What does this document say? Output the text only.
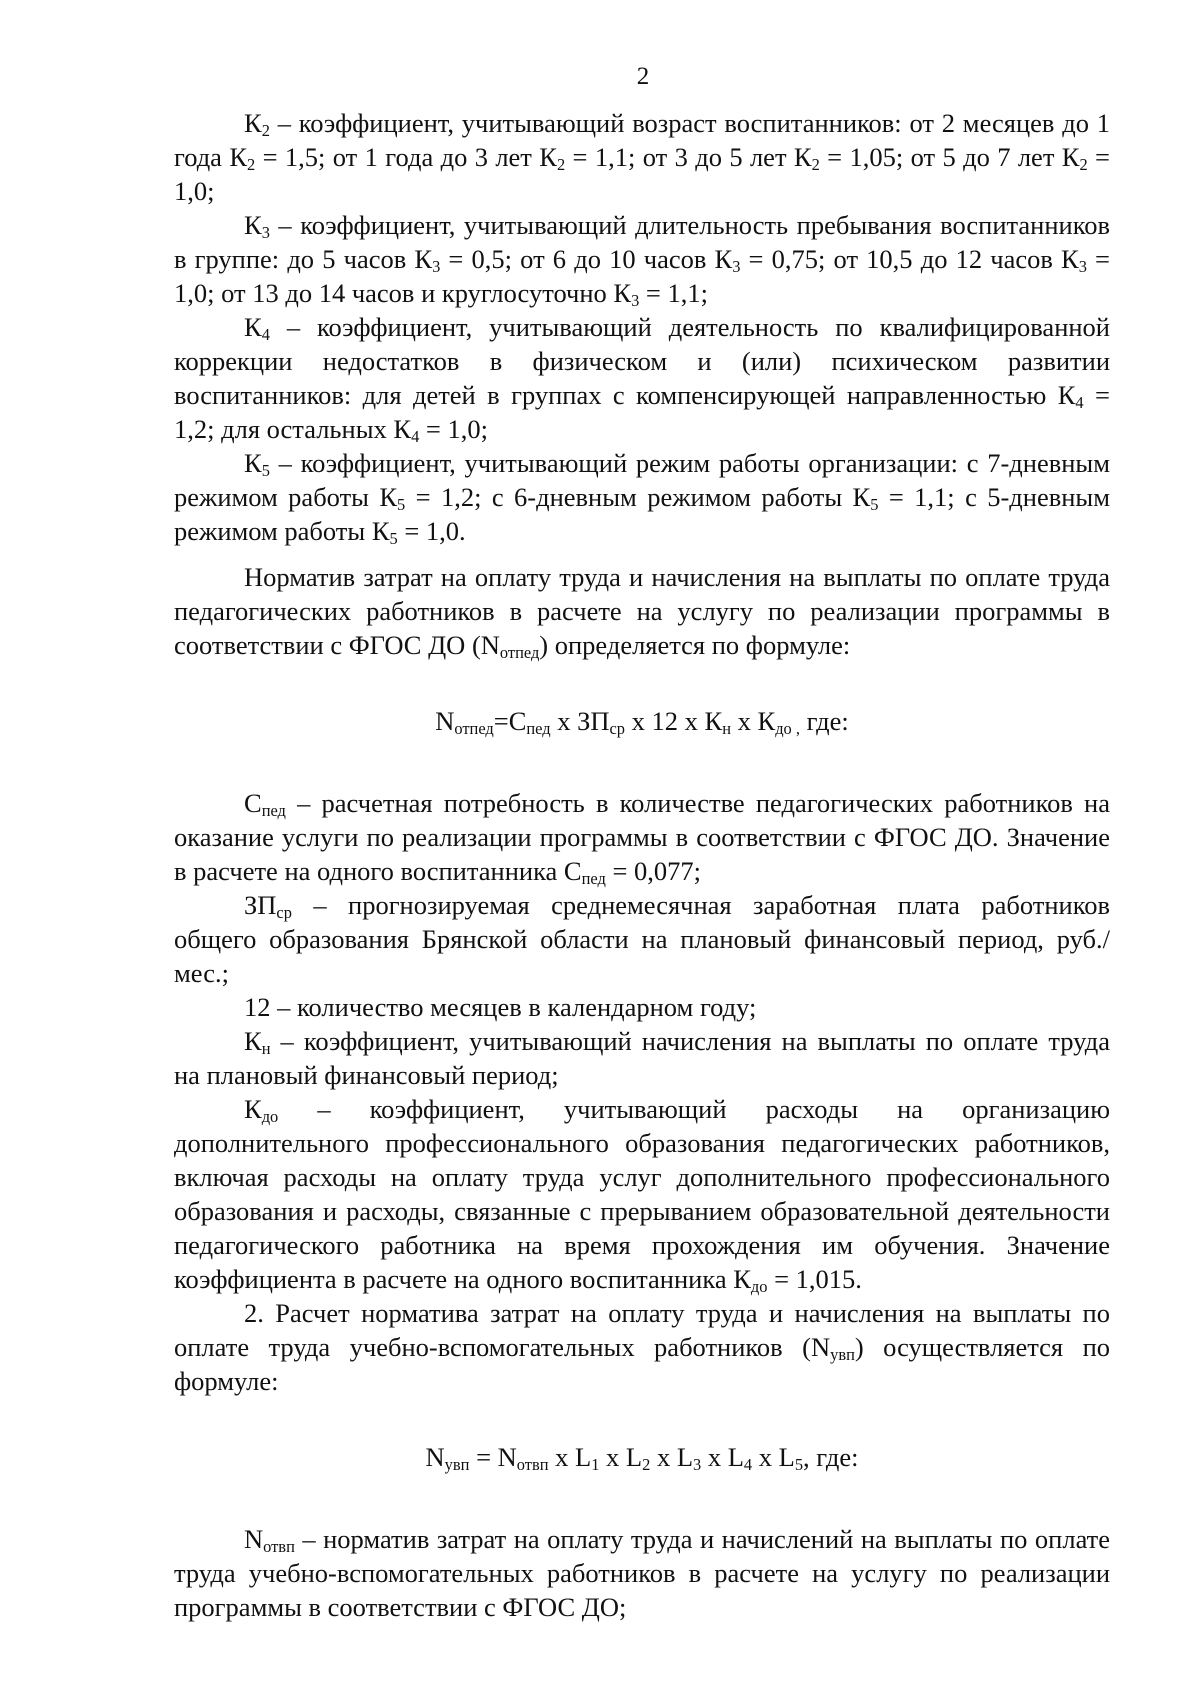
2

$К_2$ – коэффициент, учитывающий возраст воспитанников: от 2 месяцев до 1 года $К_2 = 1,5$; от 1 года до 3 лет $К_2 = 1,1$; от 3 до 5 лет $К_2 = 1,05$; от 5 до 7 лет $К_2 = 1,0$;

$К_3$ – коэффициент, учитывающий длительность пребывания воспитанников в группе: до 5 часов $К_3 = 0,5$; от 6 до 10 часов $К_3 = 0,75$; от 10,5 до 12 часов $К_3 = 1,0$; от 13 до 14 часов и круглосуточно $К_3 = 1,1$;

$К_4$ – коэффициент, учитывающий деятельность по квалифицированной коррекции недостатков в физическом и (или) психическом развитии воспитанников: для детей в группах с компенсирующей направленностью $К_4 = 1,2$; для остальных $К_4 = 1,0$;

$К_5$ – коэффициент, учитывающий режим работы организации: с 7-дневным режимом работы $К_5 = 1,2$; с 6-дневным режимом работы $К_5 = 1,1$; с 5-дневным режимом работы $К_5 = 1,0$.

Норматив затрат на оплату труда и начисления на выплаты по оплате труда педагогических работников в расчете на услугу по реализации программы в соответствии с ФГОС ДО $(N_{отпед})$ определяется по формуле:

$N_{отпед}=С_{пед}$ х $ЗП_{ср}$ х 12 х $К_н$ х $К_{до ,}$ где:

$С_{пед}$ – расчетная потребность в количестве педагогических работников на оказание услуги по реализации программы в соответствии с ФГОС ДО. Значение в расчете на одного воспитанника $С_{пед} = 0,077$;

$ЗП_{ср}$ – прогнозируемая среднемесячная заработная плата работников общего образования Брянской области на плановый финансовый период, руб./мес.;

12 – количество месяцев в календарном году;

$К_н$ – коэффициент, учитывающий начисления на выплаты по оплате труда на плановый финансовый период;

$К_{до}$ – коэффициент, учитывающий расходы на организацию дополнительного профессионального образования педагогических работников, включая расходы на оплату труда услуг дополнительного профессионального образования и расходы, связанные с прерыванием образовательной деятельности педагогического работника на время прохождения им обучения. Значение коэффициента в расчете на одного воспитанника $К_{до} = 1,015$.

2. Расчет норматива затрат на оплату труда и начисления на выплаты по оплате труда учебно-вспомогательных работников $(N_{увп})$ осуществляется по формуле:

$N_{увп} = N_{отвп}$ х $L_1$ х $L_2$ х $L_3$ х $L_4$ х $L_5$, где:

$N_{отвп}$ – норматив затрат на оплату труда и начислений на выплаты по оплате труда учебно-вспомогательных работников в расчете на услугу по реализации программы в соответствии с ФГОС ДО;
